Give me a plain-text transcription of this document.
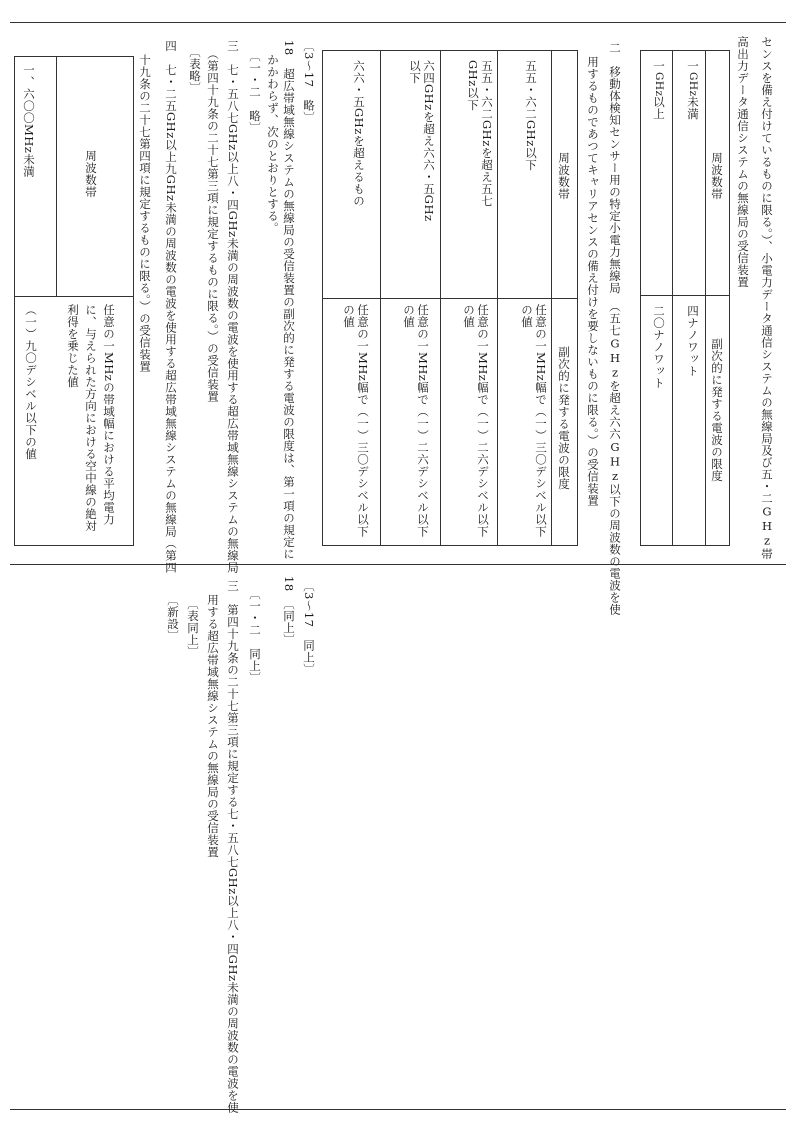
センスを備え付けているものに限る。）、小電力データ通信システムの無線局及び五・二GHz帯
高出力データ通信システムの無線局の受信装置
周波数帯
副次的に発する電波の限度
一
GHz
未満
四ナノワット
一
GHz
以上
二〇ナノワット
二　移動体検知センサー用の特定小電力無線局　（五七GHzを超え六六GHz以下の周波数の電波を使
用するものであつてキャリアセンスの備え付けを要しないものに限る。）の受信装置
周波数帯
副次的に発する電波の限度
五五・六二GHz以下
任意の一MHz幅で（一）三〇デシベル以下の値
五五・六二GHzを超え五七GHz以下
任意の一MHz幅で（一）二六デシベル以下の値
六四GHzを超え六六・五GHz以下
任意の一MHz幅で（一）二六デシベル以下の値
六六・五GHzを超えるもの
任意の一MHz幅で（一）三〇デシベル以下の値
〔3～17　略〕
18　超広帯域無線システムの無線局の受信装置の副次的に発する電波の限度は、第一項の規定に
かかわらず、次のとおりとする。
〔一・二　略〕
三　七・五八七GHz以上八・四GHz未満の周波数の電波を使用する超広帯域無線システムの無線局
（第四十九条の二十七第三項に規定するものに限る。）の受信装置
〔表略〕
四　七・二五GHz以上九GHz未満の周波数の電波を使用する超広帯域無線システムの無線局（第四
十九条の二十七第四項に規定するものに限る。）の受信装置
周波数帯
任意の一MHzの帯域幅における平均電力に、与えられた方向における空中線の絶対利得を乗じた値
一、六〇〇MHz未満
（一）九〇デシベル以下の値
〔3～17　同上〕
18　〔同上〕
〔一・二　同上〕
三　第四十九条の二十七第三項に規定する七・五八七GHz以上八・四GHz未満の周波数の電波を使
用する超広帯域無線システムの無線局の受信装置
〔表同上〕
〔新設〕
